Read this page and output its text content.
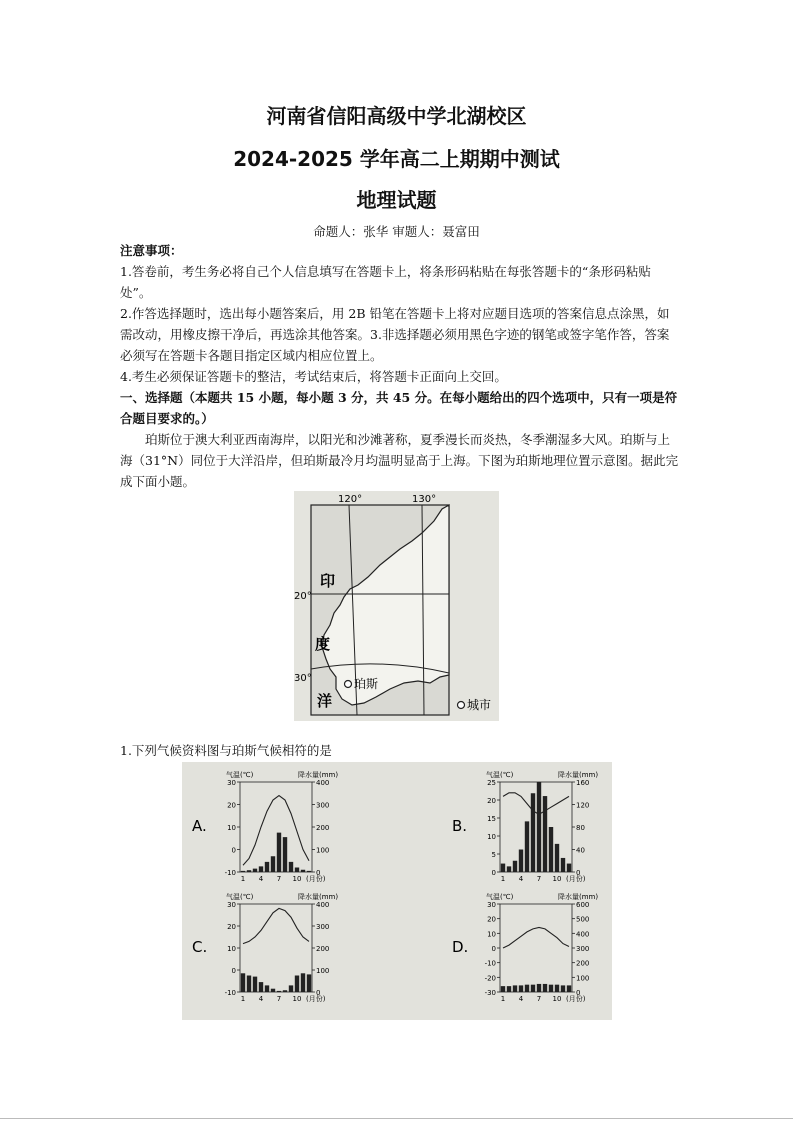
河南省信阳高级中学北湖校区
2024-2025 学年高二上期期中测试
地理试题
命题人：张华 审题人：聂富田
注意事项：
1.答卷前，考生务必将自己个人信息填写在答题卡上，将条形码粘贴在每张答题卡的“条形码粘贴处”。
2.作答选择题时，选出每小题答案后，用 2B 铅笔在答题卡上将对应题目选项的答案信息点涂黑，如需改动，用橡皮擦干净后，再选涂其他答案。3.非选择题必须用黑色字迹的钢笔或签字笔作答，答案必须写在答题卡各题目指定区域内相应位置上。
4.考生必须保证答题卡的整洁，考试结束后，将答题卡正面向上交回。
一、选择题（本题共 15 小题，每小题 3 分，共 45 分。在每小题给出的四个选项中，只有一项是符合题目要求的。）
珀斯位于澳大利亚西南海岸，以阳光和沙滩著称，夏季漫长而炎热，冬季潮湿多大风。珀斯与上海（31°N）同位于大洋沿岸，但珀斯最冷月均温明显高于上海。下图为珀斯地理位置示意图。据此完成下面小题。
120°	130°
20°
30°
印
度
洋
珀斯
城市
1.下列气候资料图与珀斯气候相符的是
A.
气温(℃)	降水量(mm)
30
20
10
0
-10
400
300
200
100
0
1 4 7 10 (月份)
B.
气温(℃)	降水量(mm)
25
20
15
10
5
0
160
120
80
40
0
1 4 7 10 (月份)
C.
气温(℃)	降水量(mm)
30
20
10
0
-10
400
300
200
100
0
1 4 7 10 (月份)
D.
气温(℃)	降水量(mm)
30
20
10
0
-10
-20
-30
600
500
400
300
200
100
0
1 4 7 10 (月份)
